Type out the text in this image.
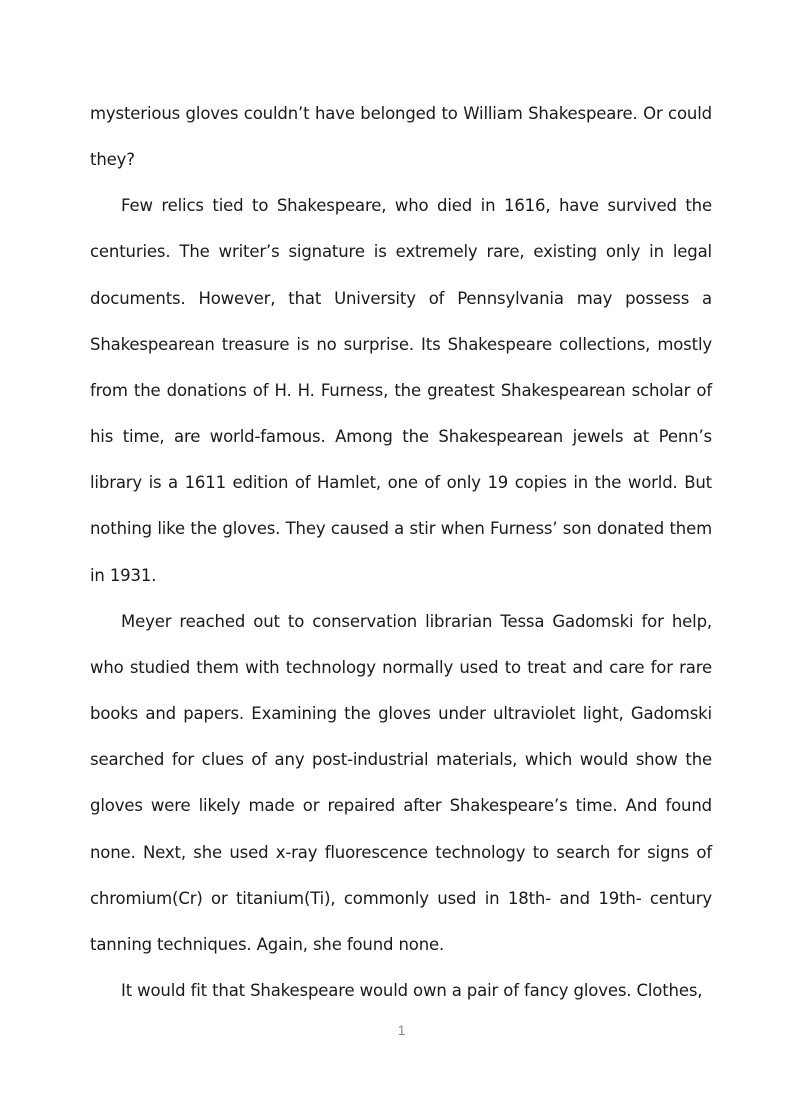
mysterious gloves couldn’t have belonged to William Shakespeare. Or could they?

Few relics tied to Shakespeare, who died in 1616, have survived the centuries. The writer’s signature is extremely rare, existing only in legal documents. However, that University of Pennsylvania may possess a Shakespearean treasure is no surprise. Its Shakespeare collections, mostly from the donations of H. H. Furness, the greatest Shakespearean scholar of his time, are world-famous. Among the Shakespearean jewels at Penn’s library is a 1611 edition of Hamlet, one of only 19 copies in the world. But nothing like the gloves. They caused a stir when Furness’ son donated them in 1931.

Meyer reached out to conservation librarian Tessa Gadomski for help, who studied them with technology normally used to treat and care for rare books and papers. Examining the gloves under ultraviolet light, Gadomski searched for clues of any post-industrial materials, which would show the gloves were likely made or repaired after Shakespeare’s time. And found none. Next, she used x-ray fluorescence technology to search for signs of chromium(Cr) or titanium(Ti), commonly used in 18th- and 19th- century tanning techniques. Again, she found none.

It would fit that Shakespeare would own a pair of fancy gloves. Clothes,

1
